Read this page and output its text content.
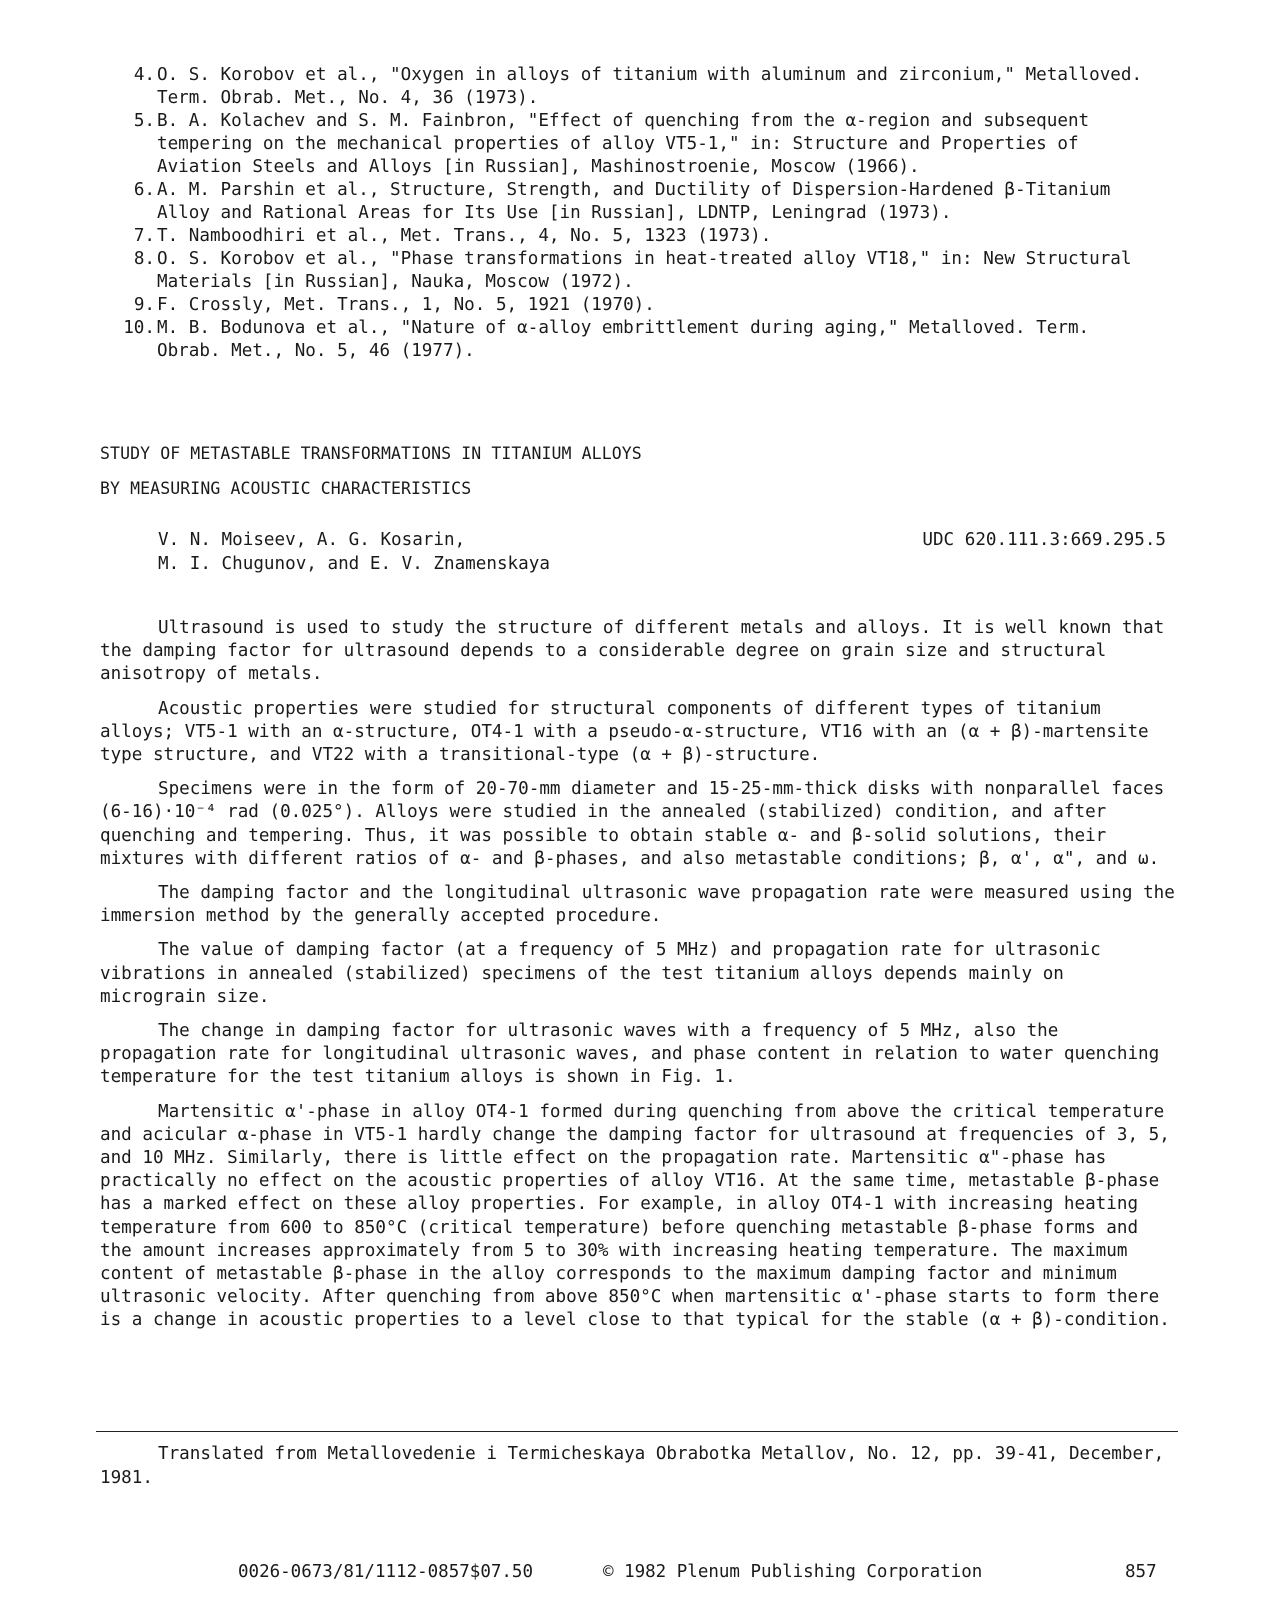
4. O. S. Korobov et al., "Oxygen in alloys of titanium with aluminum and zirconium," Metalloved. Term. Obrab. Met., No. 4, 36 (1973).
5. B. A. Kolachev and S. M. Fainbron, "Effect of quenching from the α-region and subsequent tempering on the mechanical properties of alloy VT5-1," in: Structure and Properties of Aviation Steels and Alloys [in Russian], Mashinostroenie, Moscow (1966).
6. A. M. Parshin et al., Structure, Strength, and Ductility of Dispersion-Hardened β-Titanium Alloy and Rational Areas for Its Use [in Russian], LDNTP, Leningrad (1973).
7. T. Namboodhiri et al., Met. Trans., 4, No. 5, 1323 (1973).
8. O. S. Korobov et al., "Phase transformations in heat-treated alloy VT18," in: New Structural Materials [in Russian], Nauka, Moscow (1972).
9. F. Crossly, Met. Trans., 1, No. 5, 1921 (1970).
10. M. B. Bodunova et al., "Nature of α-alloy embrittlement during aging," Metalloved. Term. Obrab. Met., No. 5, 46 (1977).
STUDY OF METASTABLE TRANSFORMATIONS IN TITANIUM ALLOYS
BY MEASURING ACOUSTIC CHARACTERISTICS
V. N. Moiseev, A. G. Kosarin,
M. I. Chugunov, and E. V. Znamenskaya
UDC 620.111.3:669.295.5

Ultrasound is used to study the structure of different metals and alloys. It is well known that the damping factor for ultrasound depends to a considerable degree on grain size and structural anisotropy of metals.

Acoustic properties were studied for structural components of different types of titanium alloys; VT5-1 with an α-structure, OT4-1 with a pseudo-α-structure, VT16 with an (α + β)-martensite type structure, and VT22 with a transitional-type (α + β)-structure.

Specimens were in the form of 20-70-mm diameter and 15-25-mm-thick disks with nonparallel faces (6-16)·10⁻⁴ rad (0.025°). Alloys were studied in the annealed (stabilized) condition, and after quenching and tempering. Thus, it was possible to obtain stable α- and β-solid solutions, their mixtures with different ratios of α- and β-phases, and also metastable conditions; β, α', α", and ω.

The damping factor and the longitudinal ultrasonic wave propagation rate were measured using the immersion method by the generally accepted procedure.

The value of damping factor (at a frequency of 5 MHz) and propagation rate for ultrasonic vibrations in annealed (stabilized) specimens of the test titanium alloys depends mainly on micrograin size.

The change in damping factor for ultrasonic waves with a frequency of 5 MHz, also the propagation rate for longitudinal ultrasonic waves, and phase content in relation to water quenching temperature for the test titanium alloys is shown in Fig. 1.

Martensitic α'-phase in alloy OT4-1 formed during quenching from above the critical temperature and acicular α-phase in VT5-1 hardly change the damping factor for ultrasound at frequencies of 3, 5, and 10 MHz. Similarly, there is little effect on the propagation rate. Martensitic α"-phase has practically no effect on the acoustic properties of alloy VT16. At the same time, metastable β-phase has a marked effect on these alloy properties. For example, in alloy OT4-1 with increasing heating temperature from 600 to 850°C (critical temperature) before quenching metastable β-phase forms and the amount increases approximately from 5 to 30% with increasing heating temperature. The maximum content of metastable β-phase in the alloy corresponds to the maximum damping factor and minimum ultrasonic velocity. After quenching from above 850°C when martensitic α'-phase starts to form there is a change in acoustic properties to a level close to that typical for the stable (α + β)-condition.

Translated from Metallovedenie i Termicheskaya Obrabotka Metallov, No. 12, pp. 39-41, December, 1981.
0026-0673/81/1112-0857$07.50	© 1982 Plenum Publishing Corporation	857
